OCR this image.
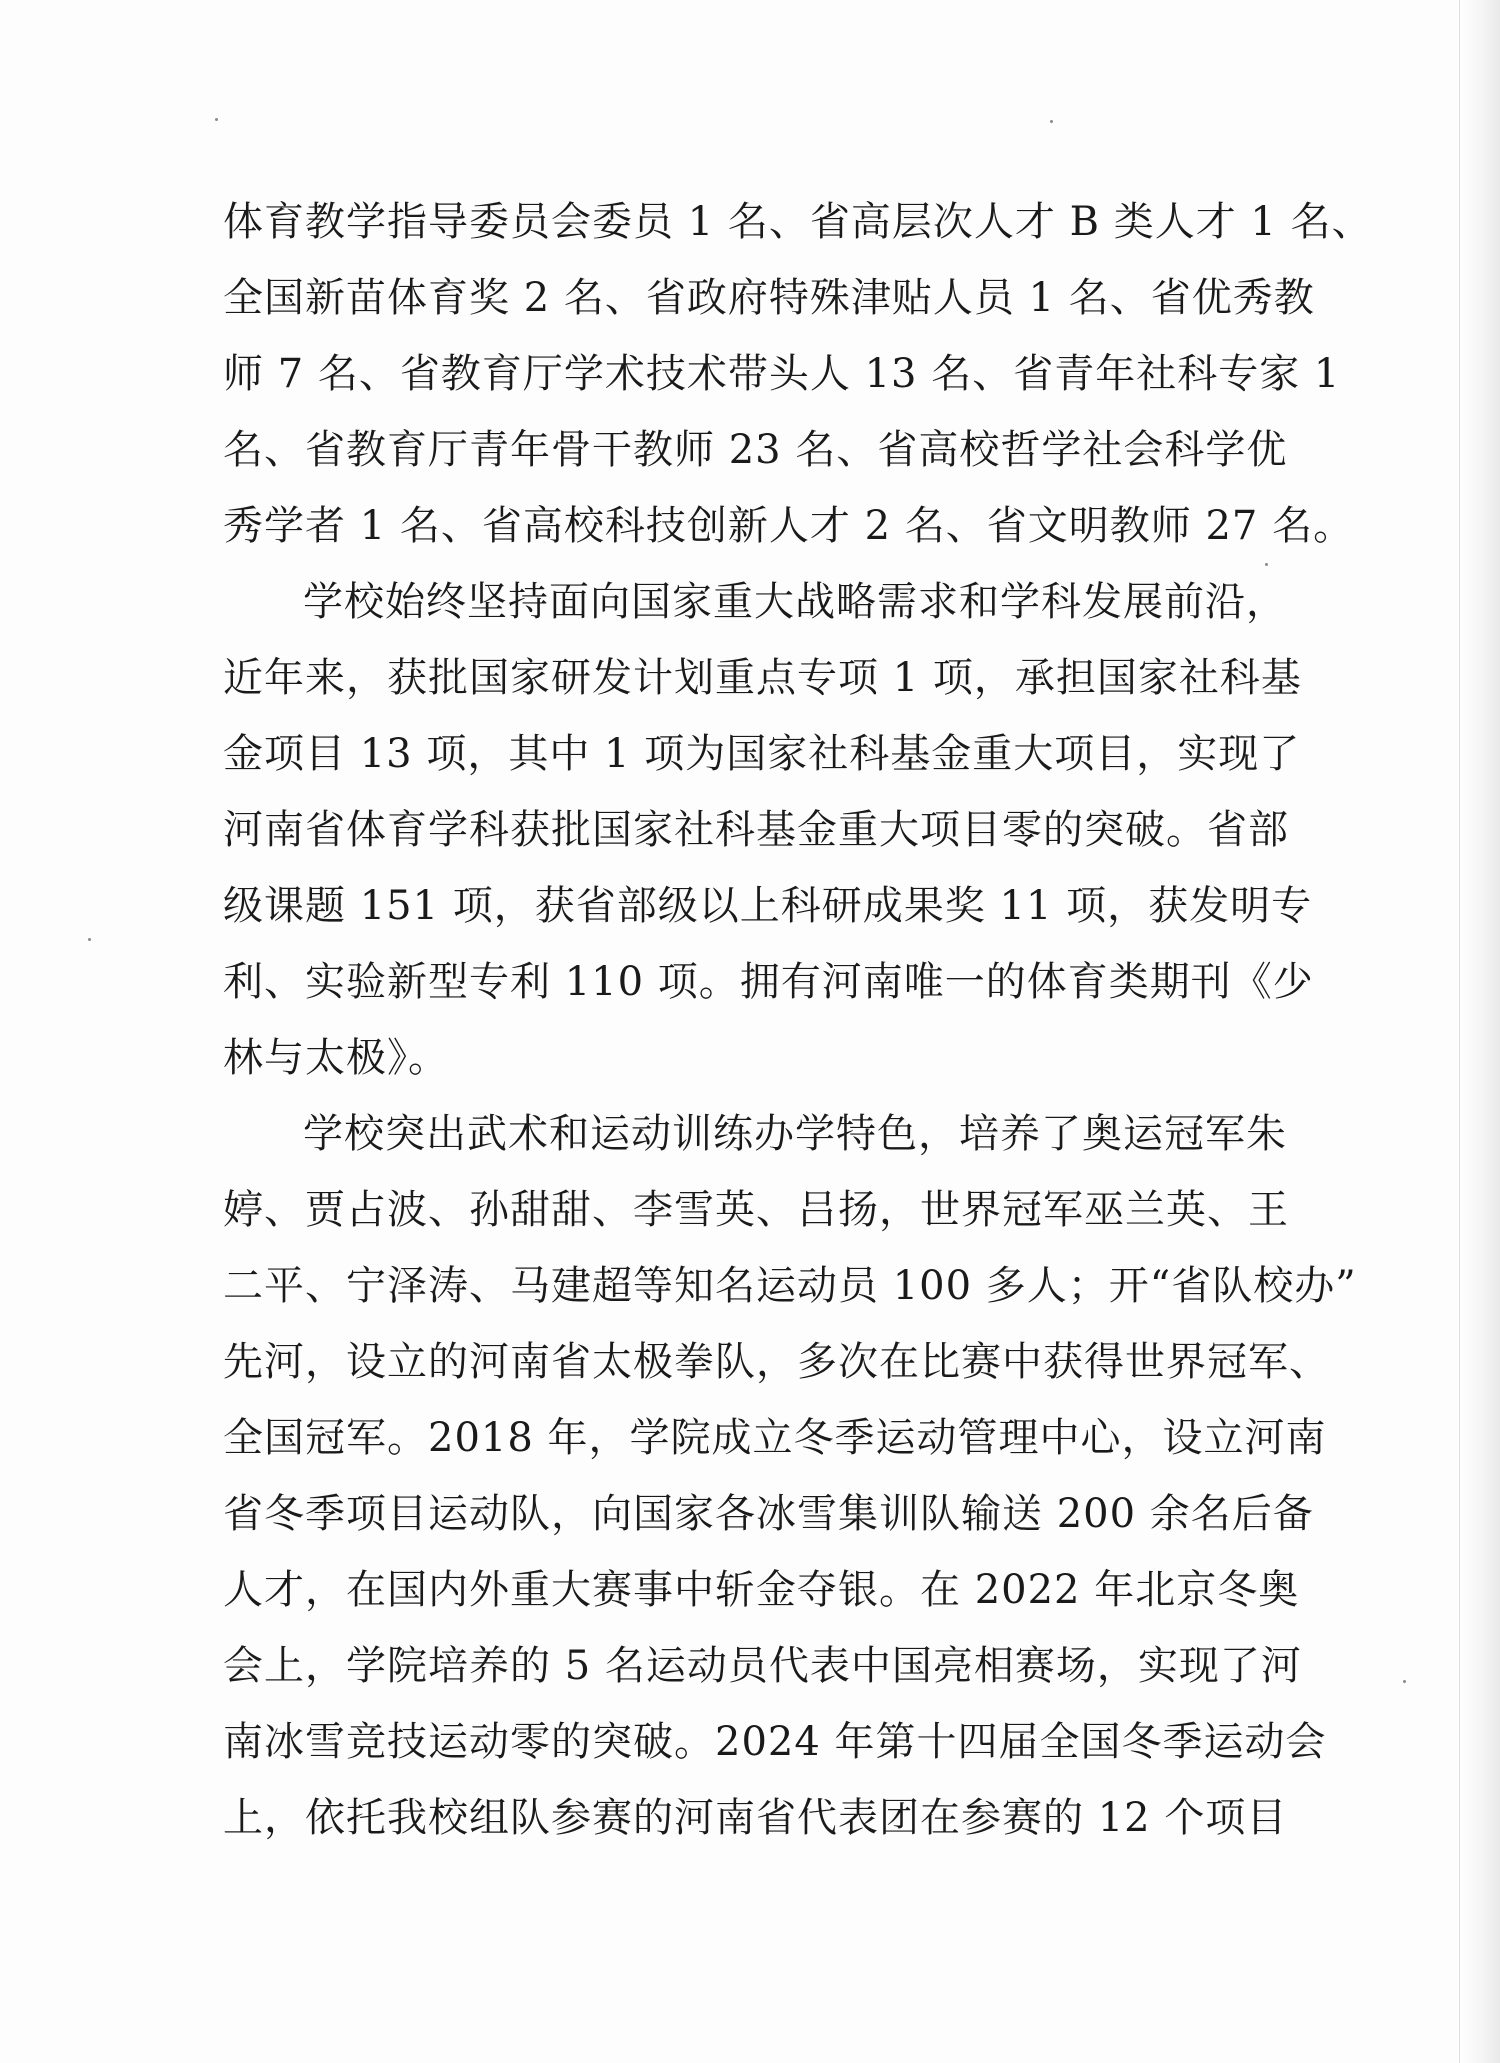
体育教学指导委员会委员 1 名、省高层次人才 B 类人才 1 名、
全国新苗体育奖 2 名、省政府特殊津贴人员 1 名、省优秀教
师 7 名、省教育厅学术技术带头人 13 名、省青年社科专家 1
名、省教育厅青年骨干教师 23 名、省高校哲学社会科学优
秀学者 1 名、省高校科技创新人才 2 名、省文明教师 27 名。
学校始终坚持面向国家重大战略需求和学科发展前沿，
近年来，获批国家研发计划重点专项 1 项，承担国家社科基
金项目 13 项，其中 1 项为国家社科基金重大项目，实现了
河南省体育学科获批国家社科基金重大项目零的突破。省部
级课题 151 项，获省部级以上科研成果奖 11 项，获发明专
利、实验新型专利 110 项。拥有河南唯一的体育类期刊《少
林与太极》。
学校突出武术和运动训练办学特色，培养了奥运冠军朱
婷、贾占波、孙甜甜、李雪英、吕扬，世界冠军巫兰英、王
二平、宁泽涛、马建超等知名运动员 100 多人；开“省队校办”
先河，设立的河南省太极拳队，多次在比赛中获得世界冠军、
全国冠军。2018 年，学院成立冬季运动管理中心，设立河南
省冬季项目运动队，向国家各冰雪集训队输送 200 余名后备
人才，在国内外重大赛事中斩金夺银。在 2022 年北京冬奥
会上，学院培养的 5 名运动员代表中国亮相赛场，实现了河
南冰雪竞技运动零的突破。2024 年第十四届全国冬季运动会
上，依托我校组队参赛的河南省代表团在参赛的 12 个项目
